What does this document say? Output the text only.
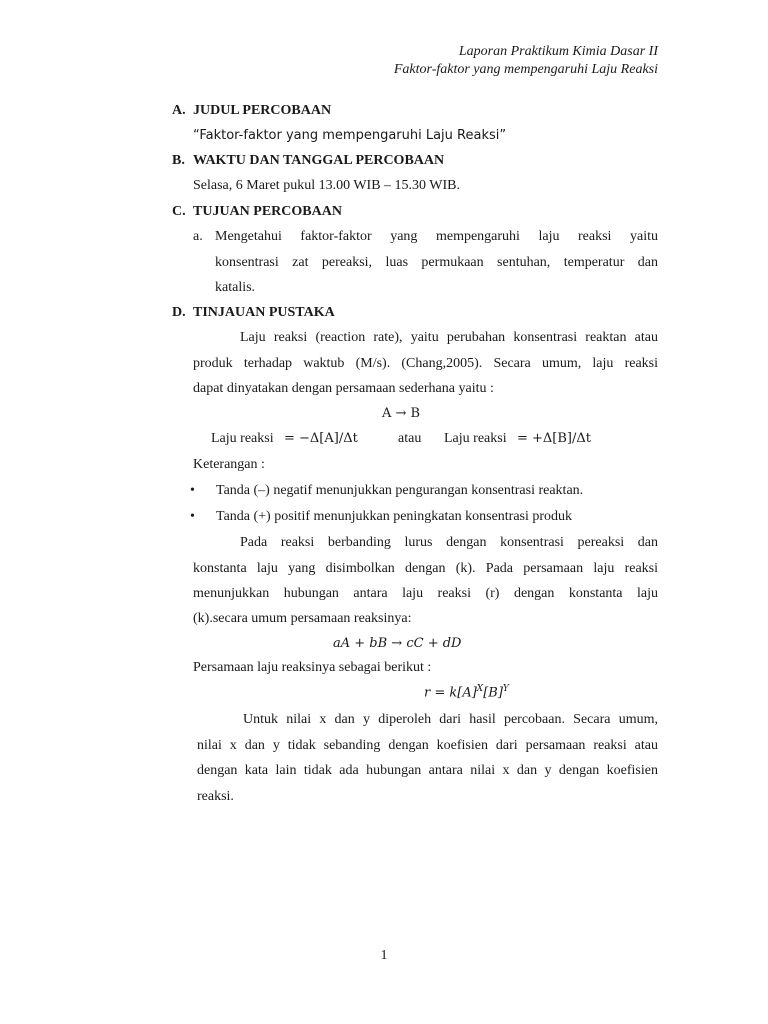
Laporan Praktikum Kimia Dasar II
Faktor-faktor yang mempengaruhi Laju Reaksi
A. JUDUL PERCOBAAN
“Faktor-faktor yang mempengaruhi Laju Reaksi”
B. WAKTU DAN TANGGAL PERCOBAAN
Selasa, 6 Maret pukul 13.00 WIB – 15.30 WIB.
C. TUJUAN PERCOBAAN
a. Mengetahui faktor-faktor yang mempengaruhi laju reaksi yaitu
konsentrasi zat pereaksi, luas permukaan sentuhan, temperatur dan
katalis.
D. TINJAUAN PUSTAKA
Laju reaksi (reaction rate), yaitu perubahan konsentrasi reaktan atau
produk terhadap waktub (M/s). (Chang,2005). Secara umum, laju reaksi
dapat dinyatakan dengan persamaan sederhana yaitu :
A → B
Laju reaksi = −Δ[A]/Δt	atau Laju reaksi = +Δ[B]/Δt
Keterangan :
• Tanda (–) negatif menunjukkan pengurangan konsentrasi reaktan.
• Tanda (+) positif menunjukkan peningkatan konsentrasi produk
Pada reaksi berbanding lurus dengan konsentrasi pereaksi dan
konstanta laju yang disimbolkan dengan (k). Pada persamaan laju reaksi
menunjukkan hubungan antara laju reaksi (r) dengan konstanta laju
(k).secara umum persamaan reaksinya:
aA + bB → cC + dD
Persamaan laju reaksinya sebagai berikut :
$r = k[A]^X[B]^Y$
Untuk nilai x dan y diperoleh dari hasil percobaan. Secara umum,
nilai x dan y tidak sebanding dengan koefisien dari persamaan reaksi atau
dengan kata lain tidak ada hubungan antara nilai x dan y dengan koefisien
reaksi.
1
